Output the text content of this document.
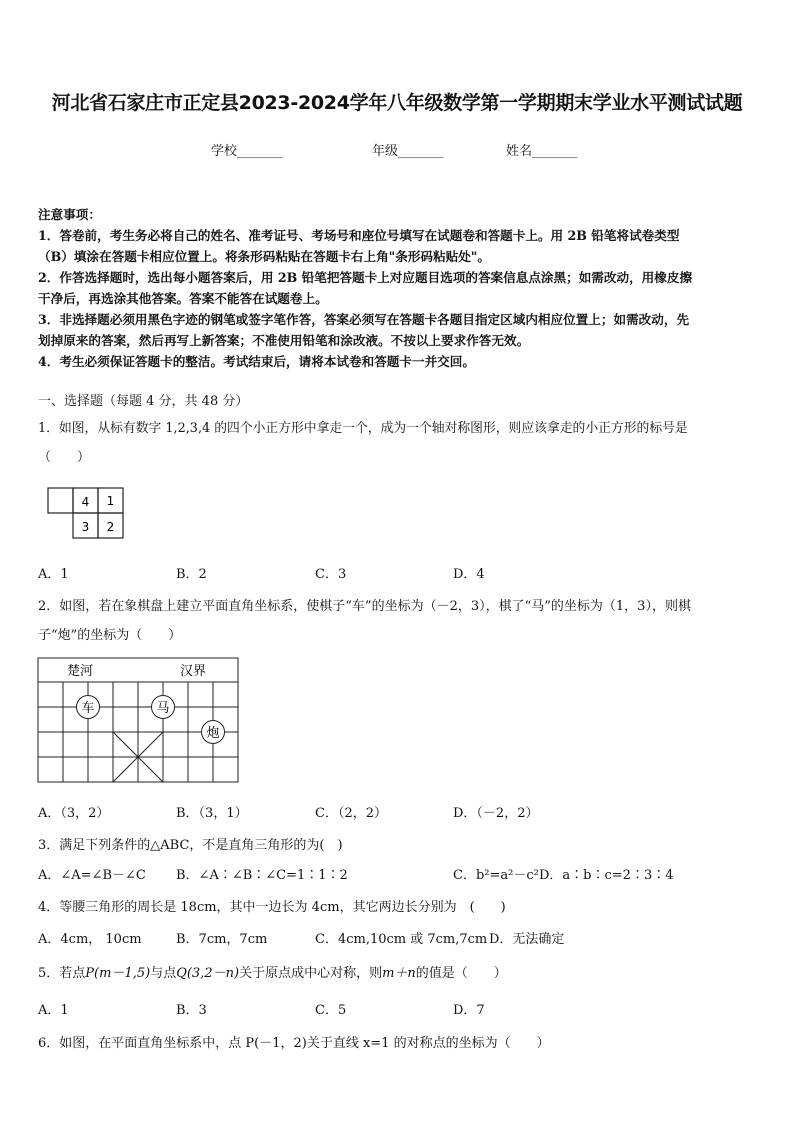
河北省石家庄市正定县2023-2024学年八年级数学第一学期期末学业水平测试试题
学校_______	年级_______	姓名_______
注意事项：
1．答卷前，考生务必将自己的姓名、准考证号、考场号和座位号填写在试题卷和答题卡上。用 2B 铅笔将试卷类型
（B）填涂在答题卡相应位置上。将条形码粘贴在答题卡右上角"条形码粘贴处"。
2．作答选择题时，选出每小题答案后，用 2B 铅笔把答题卡上对应题目选项的答案信息点涂黑；如需改动，用橡皮擦
干净后，再选涂其他答案。答案不能答在试题卷上。
3．非选择题必须用黑色字迹的钢笔或签字笔作答，答案必须写在答题卡各题目指定区域内相应位置上；如需改动，先
划掉原来的答案，然后再写上新答案；不准使用铅笔和涂改液。不按以上要求作答无效。
4．考生必须保证答题卡的整洁。考试结束后，请将本试卷和答题卡一并交回。
一、选择题（每题 4 分，共 48 分）
1．如图，从标有数字 1,2,3,4 的四个小正方形中拿走一个，成为一个轴对称图形，则应该拿走的小正方形的标号是
（　　）
4 1
3 2
A．1	B．2	C．3	D．4
2．如图，若在象棋盘上建立平面直角坐标系，使棋子“车”的坐标为（－2，3），棋了“马”的坐标为（1，3），则棋
子“炮”的坐标为（　　）
楚河	汉界
车	马
炮
A．（3，2）	B．（3，1）	C．（2，2）	D．（－2，2）
3．满足下列条件的△ABC，不是直角三角形的为(　)
A．∠A=∠B－∠C B．∠A∶∠B∶∠C=1∶1∶2	C．b²=a²－c² D．a∶b∶c=2∶3∶4
4．等腰三角形的周长是 18cm，其中一边长为 4cm，其它两边长分别为　(　　)
A．4cm， 10cm	B．7cm，7cm	C．4cm,10cm 或 7cm,7cm D．无法确定
5．若点P(m－1,5)与点Q(3,2－n)关于原点成中心对称，则m＋n的值是（　　）
A．1	B．3	C．5	D．7
6．如图，在平面直角坐标系中，点 P(－1，2)关于直线 x=1 的对称点的坐标为（　　）
